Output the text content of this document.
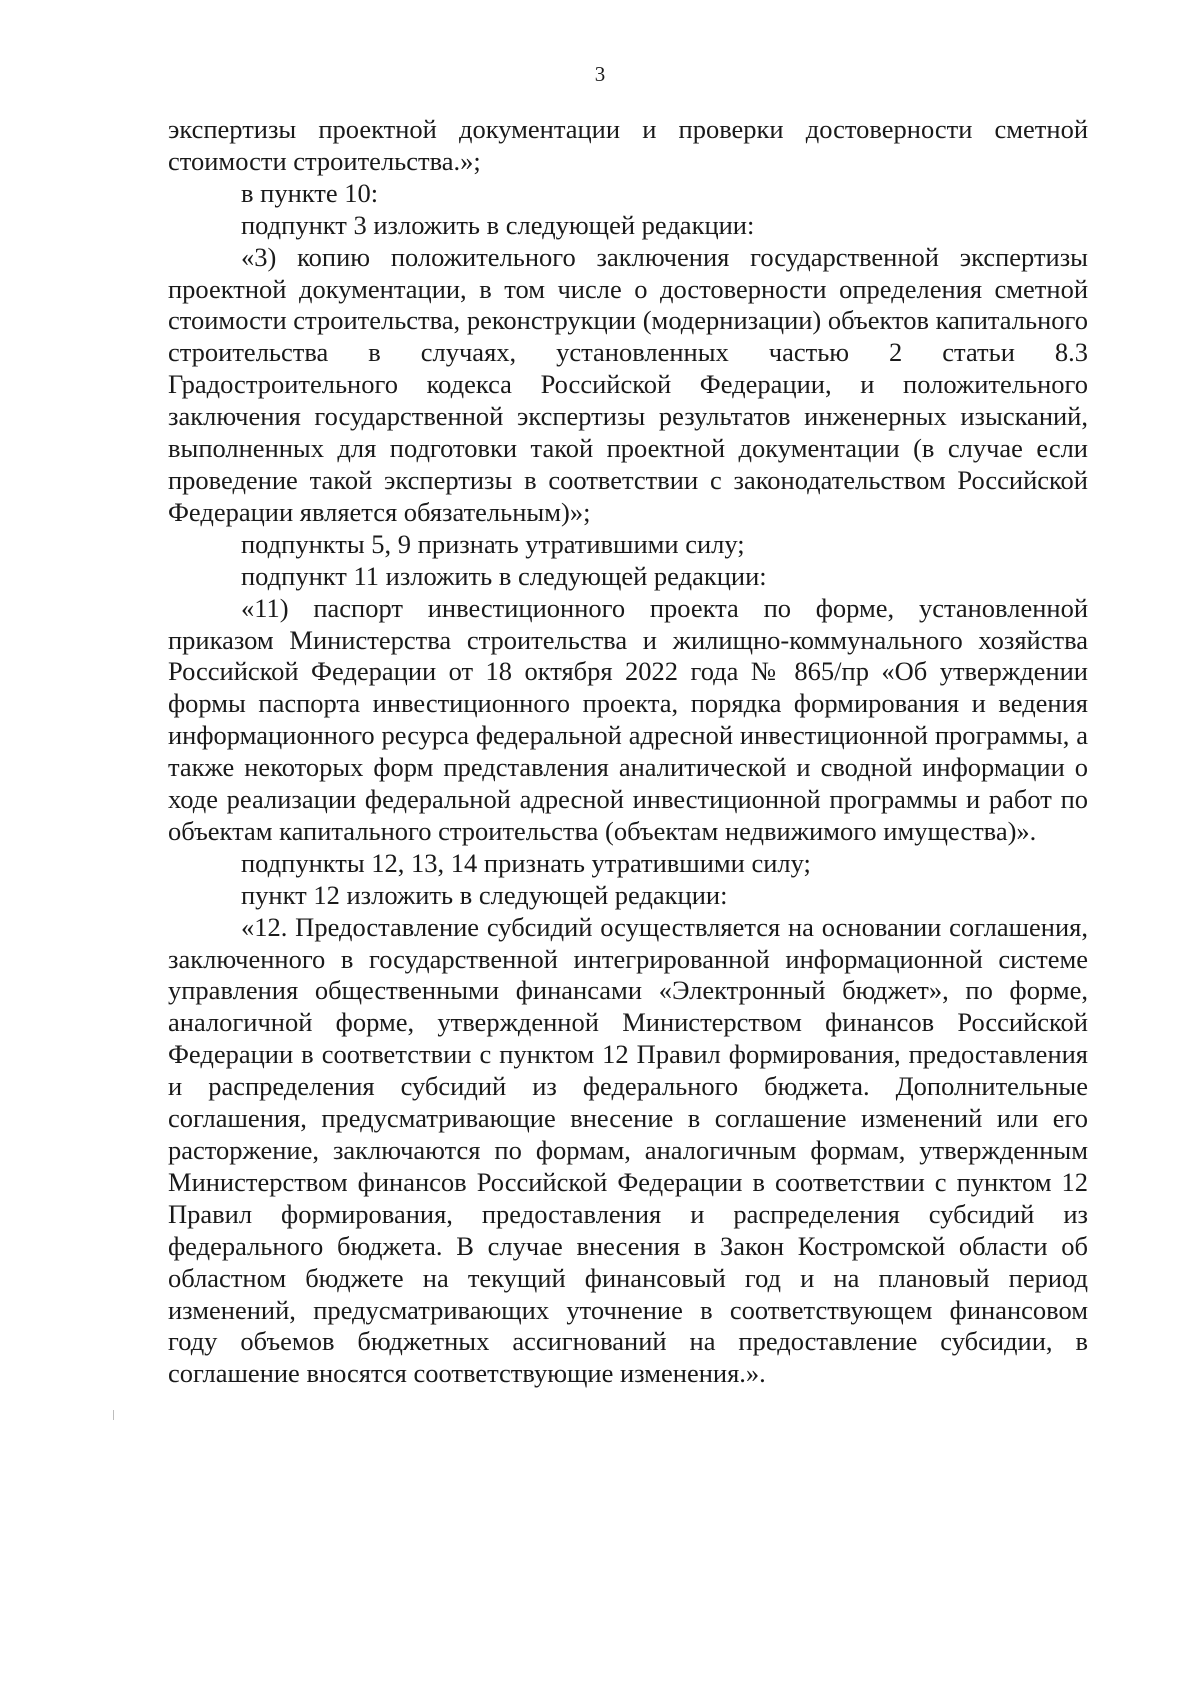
3

экспертизы проектной документации и проверки достоверности сметной стоимости строительства.»;

в пункте 10:

подпункт 3 изложить в следующей редакции:

«3) копию положительного заключения государственной экспертизы проектной документации, в том числе о достоверности определения сметной стоимости строительства, реконструкции (модернизации) объектов капитального строительства в случаях, установленных частью 2 статьи 8.3 Градостроительного кодекса Российской Федерации, и положительного заключения государственной экспертизы результатов инженерных изысканий, выполненных для подготовки такой проектной документации (в случае если проведение такой экспертизы в соответствии с законодательством Российской Федерации является обязательным)»;

подпункты 5, 9 признать утратившими силу;

подпункт 11 изложить в следующей редакции:

«11) паспорт инвестиционного проекта по форме, установленной приказом Министерства строительства и жилищно-коммунального хозяйства Российской Федерации от 18 октября 2022 года № 865/пр «Об утверждении формы паспорта инвестиционного проекта, порядка формирования и ведения информационного ресурса федеральной адресной инвестиционной программы, а также некоторых форм представления аналитической и сводной информации о ходе реализации федеральной адресной инвестиционной программы и работ по объектам капитального строительства (объектам недвижимого имущества)».

подпункты 12, 13, 14 признать утратившими силу;

пункт 12 изложить в следующей редакции:

«12. Предоставление субсидий осуществляется на основании соглашения, заключенного в государственной интегрированной информационной системе управления общественными финансами «Электронный бюджет», по форме, аналогичной форме, утвержденной Министерством финансов Российской Федерации в соответствии с пунктом 12 Правил формирования, предоставления и распределения субсидий из федерального бюджета. Дополнительные соглашения, предусматривающие внесение в соглашение изменений или его расторжение, заключаются по формам, аналогичным формам, утвержденным Министерством финансов Российской Федерации в соответствии с пунктом 12 Правил формирования, предоставления и распределения субсидий из федерального бюджета. В случае внесения в Закон Костромской области об областном бюджете на текущий финансовый год и на плановый период изменений, предусматривающих уточнение в соответствующем финансовом году объемов бюджетных ассигнований на предоставление субсидии, в соглашение вносятся соответствующие изменения.».
